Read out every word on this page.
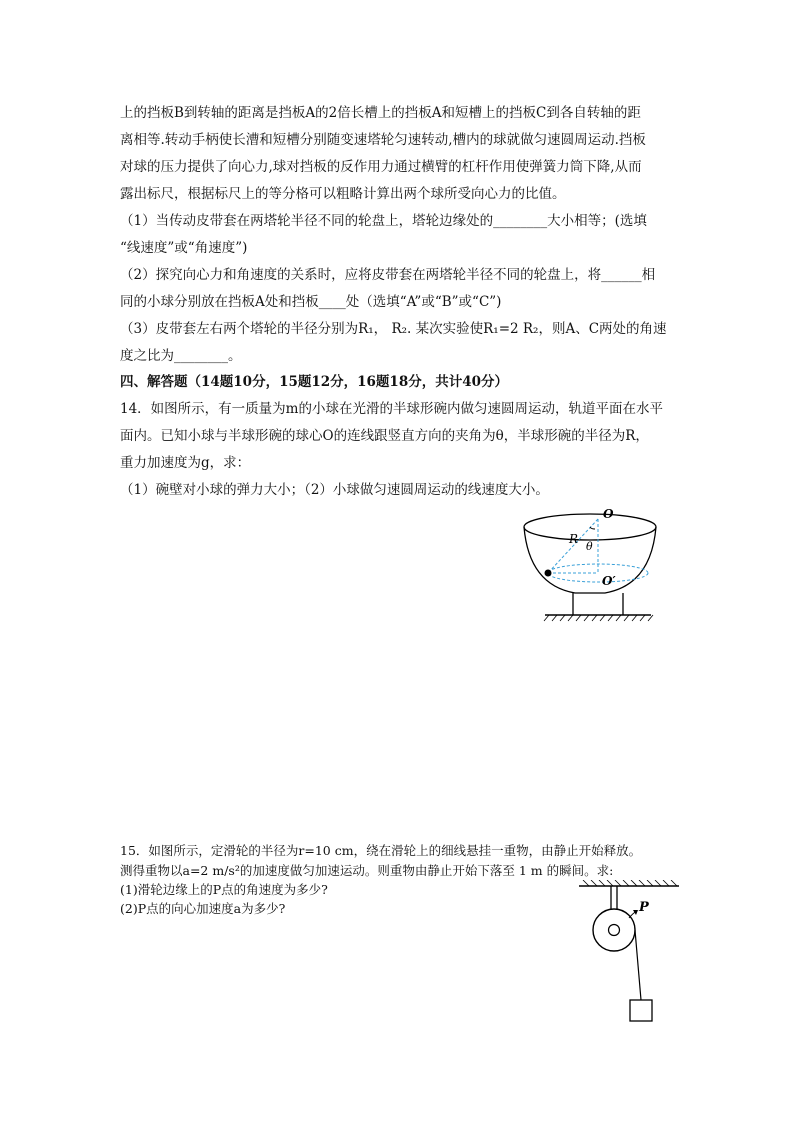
上的挡板B到转轴的距离是挡板A的2倍长槽上的挡板A和短槽上的挡板C到各自转轴的距
离相等.转动手柄使长漕和短槽分别随变速塔轮匀速转动,槽内的球就做匀速圆周运动.挡板
对球的压力提供了向心力,球对挡板的反作用力通过横臂的杠杆作用使弹簧力筒下降,从而
露出标尺，根据标尺上的等分格可以粗略计算出两个球所受向心力的比值。
（1）当传动皮带套在两塔轮半径不同的轮盘上，塔轮边缘处的________大小相等；(选填
“线速度”或“角速度”)
（2）探究向心力和角速度的关系时，应将皮带套在两塔轮半径不同的轮盘上，将______相
同的小球分别放在挡板A处和挡板____处（选填“A”或“B”或“C”)
（3）皮带套左右两个塔轮的半径分别为R₁， R₂. 某次实验使R₁=2 R₂，则A、C两处的角速
度之比为________。
四、解答题（14题10分，15题12分，16题18分，共计40分）
14．如图所示，有一质量为m的小球在光滑的半球形碗内做匀速圆周运动，轨道平面在水平
面内。已知小球与半球形碗的球心O的连线跟竖直方向的夹角为θ，半球形碗的半径为R，
重力加速度为g，求：
（1）碗壁对小球的弹力大小；（2）小球做匀速圆周运动的线速度大小。
O
R
θ
O′
15．如图所示，定滑轮的半径为r=10 cm，绕在滑轮上的细线悬挂一重物，由静止开始释放。
测得重物以a=2 m/s²的加速度做匀加速运动。则重物由静止开始下落至 1 m 的瞬间。求:
(1)滑轮边缘上的P点的角速度为多少?
(2)P点的向心加速度a为多少?	P
